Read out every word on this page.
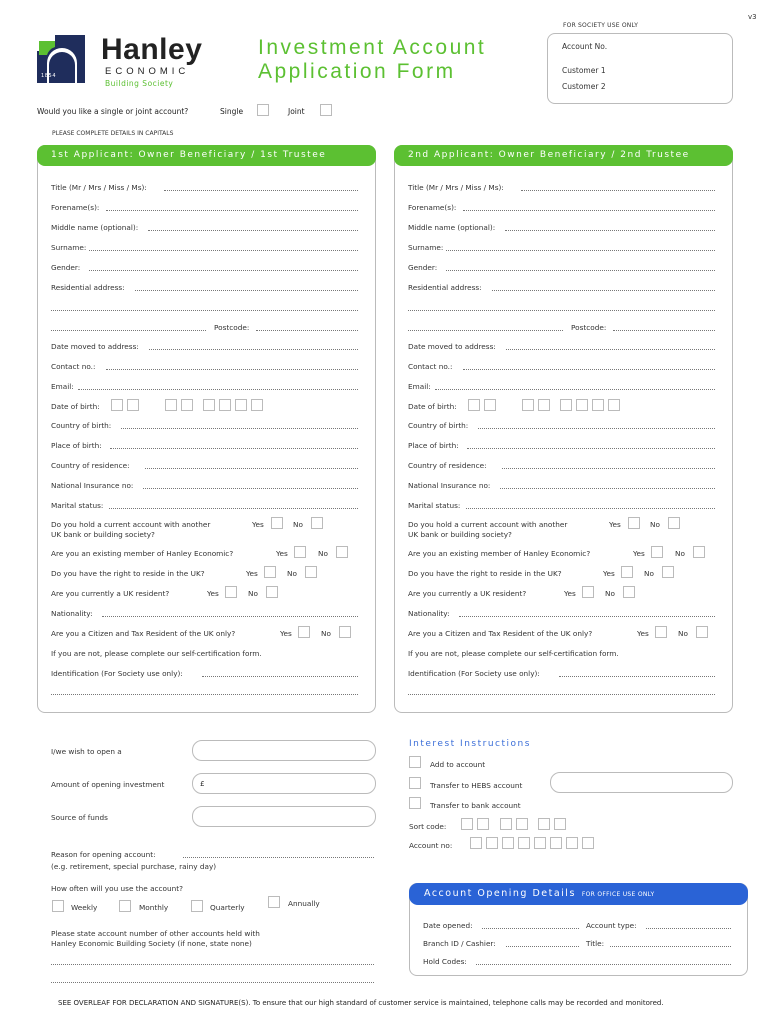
v3
FOR SOCIETY USE ONLY
Account No.
Customer 1
Customer 2
1854
Hanley
ECONOMIC
Building Society
Investment Account
Application Form
Would you like a single or joint account?	Single	Joint
PLEASE COMPLETE DETAILS IN CAPITALS
1st Applicant: Owner Beneficiary / 1st Trustee	2nd Applicant: Owner Beneficiary / 2nd Trustee
Title (Mr / Mrs / Miss / Ms):
Forename(s):
Middle name (optional):
Surname:
Gender:
Residential address:
Postcode:
Date moved to address:
Contact no.:
Email:
Date of birth:
Country of birth:
Place of birth:
Country of residence:
National Insurance no:
Marital status:
Do you hold a current account with another
UK bank or building society?
Yes	No
Are you an existing member of Hanley Economic?	Yes	No
Do you have the right to reside in the UK?	Yes	No
Are you currently a UK resident?	Yes	No
Nationality:
Are you a Citizen and Tax Resident of the UK only?	Yes	No
If you are not, please complete our self-certification form.
Identification (For Society use only):
Title (Mr / Mrs / Miss / Ms):
Forename(s):
Middle name (optional):
Surname:
Gender:
Residential address:
Postcode:
Date moved to address:
Contact no.:
Email:
Date of birth:
Country of birth:
Place of birth:
Country of residence:
National Insurance no:
Marital status:
Do you hold a current account with another
UK bank or building society?
Yes	No
Are you an existing member of Hanley Economic?	Yes	No
Do you have the right to reside in the UK?	Yes	No
Are you currently a UK resident?	Yes	No
Nationality:
Are you a Citizen and Tax Resident of the UK only?	Yes	No
If you are not, please complete our self-certification form.
Identification (For Society use only):
I/we wish to open a
Amount of opening investment	£
Source of funds
Reason for opening account:
(e.g. retirement, special purchase, rainy day)
How often will you use the account?
Weekly	Monthly	Quarterly	Annually
Please state account number of other accounts held with
Hanley Economic Building Society (if none, state none)
Interest Instructions
Add to account
Transfer to HEBS account
Transfer to bank account
Sort code:
Account no:
Account Opening Details FOR OFFICE USE ONLY
Date opened:	Account type:
Branch ID / Cashier:	Title:
Hold Codes:
SEE OVERLEAF FOR DECLARATION AND SIGNATURE(S). To ensure that our high standard of customer service is maintained, telephone calls may be recorded and monitored.
